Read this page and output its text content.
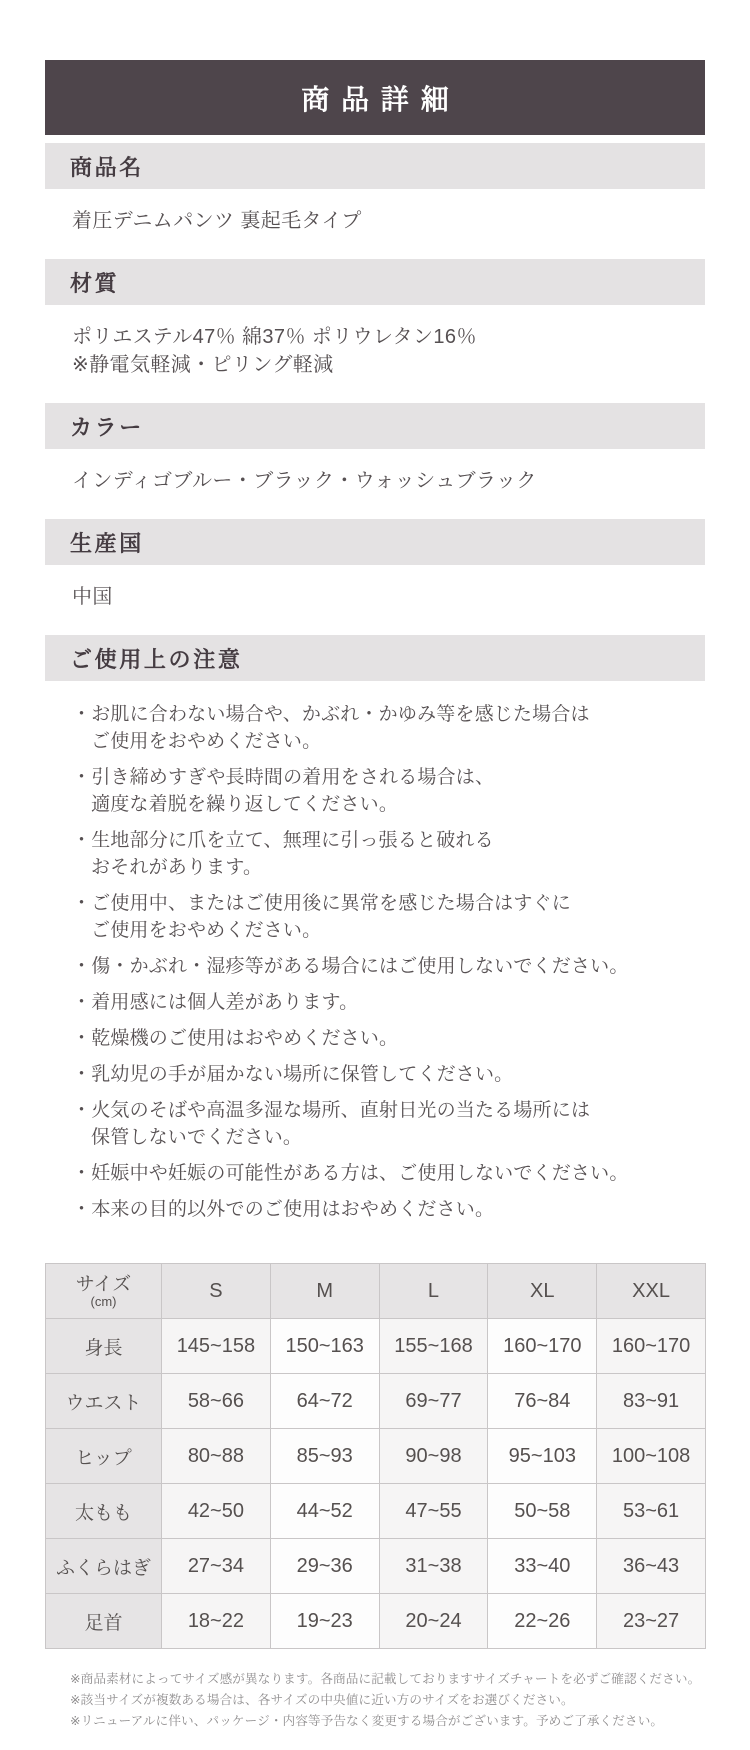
商品詳細
商品名
着圧デニムパンツ 裏起毛タイプ
材質
ポリエステル47％ 綿37％ ポリウレタン16％
※静電気軽減・ピリング軽減
カラー
インディゴブルー・ブラック・ウォッシュブラック
生産国
中国
ご使用上の注意
・お肌に合わない場合や、かぶれ・かゆみ等を感じた場合は
ご使用をおやめください。
・引き締めすぎや長時間の着用をされる場合は、
適度な着脱を繰り返してください。
・生地部分に爪を立て、無理に引っ張ると破れる
おそれがあります。
・ご使用中、またはご使用後に異常を感じた場合はすぐに
ご使用をおやめください。
・傷・かぶれ・湿疹等がある場合にはご使用しないでください。
・着用感には個人差があります。
・乾燥機のご使用はおやめください。
・乳幼児の手が届かない場所に保管してください。
・火気のそばや高温多湿な場所、直射日光の当たる場所には
保管しないでください。
・妊娠中や妊娠の可能性がある方は、ご使用しないでください。
・本来の目的以外でのご使用はおやめください。
サイズ
(cm)	S	M	L	XL	XXL
身長	145~158	150~163	155~168	160~170	160~170
ウエスト	58~66	64~72	69~77	76~84	83~91
ヒップ	80~88	85~93	90~98	95~103	100~108
太もも	42~50	44~52	47~55	50~58	53~61
ふくらはぎ	27~34	29~36	31~38	33~40	36~43
足首	18~22	19~23	20~24	22~26	23~27
※商品素材によってサイズ感が異なります。各商品に記載しておりますサイズチャートを必ずご確認ください。
※該当サイズが複数ある場合は、各サイズの中央値に近い方のサイズをお選びください。
※リニューアルに伴い、パッケージ・内容等予告なく変更する場合がございます。予めご了承ください。
